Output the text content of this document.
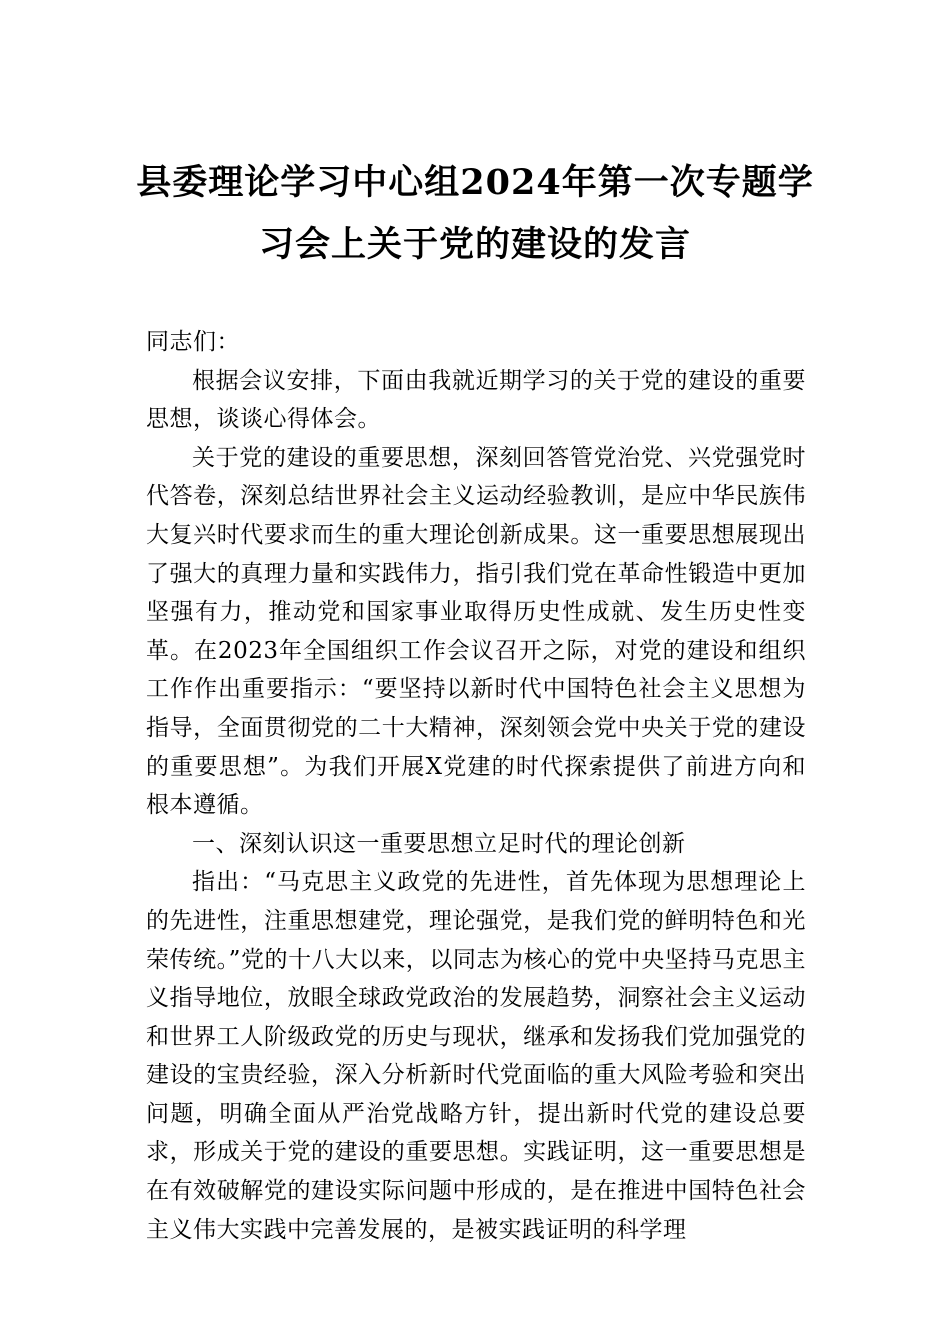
县委理论学习中心组2024年第一次专题学习会上关于党的建设的发言

同志们：

根据会议安排，下面由我就近期学习的关于党的建设的重要思想，谈谈心得体会。

关于党的建设的重要思想，深刻回答管党治党、兴党强党时代答卷，深刻总结世界社会主义运动经验教训，是应中华民族伟大复兴时代要求而生的重大理论创新成果。这一重要思想展现出了强大的真理力量和实践伟力，指引我们党在革命性锻造中更加坚强有力，推动党和国家事业取得历史性成就、发生历史性变革。在2023年全国组织工作会议召开之际，对党的建设和组织工作作出重要指示：“要坚持以新时代中国特色社会主义思想为指导，全面贯彻党的二十大精神，深刻领会党中央关于党的建设的重要思想”。为我们开展X党建的时代探索提供了前进方向和根本遵循。

一、深刻认识这一重要思想立足时代的理论创新

指出：“马克思主义政党的先进性，首先体现为思想理论上的先进性，注重思想建党，理论强党，是我们党的鲜明特色和光荣传统。”党的十八大以来，以同志为核心的党中央坚持马克思主义指导地位，放眼全球政党政治的发展趋势，洞察社会主义运动和世界工人阶级政党的历史与现状，继承和发扬我们党加强党的建设的宝贵经验，深入分析新时代党面临的重大风险考验和突出问题，明确全面从严治党战略方针，提出新时代党的建设总要求，形成关于党的建设的重要思想。实践证明，这一重要思想是在有效破解党的建设实际问题中形成的，是在推进中国特色社会主义伟大实践中完善发展的，是被实践证明的科学理
